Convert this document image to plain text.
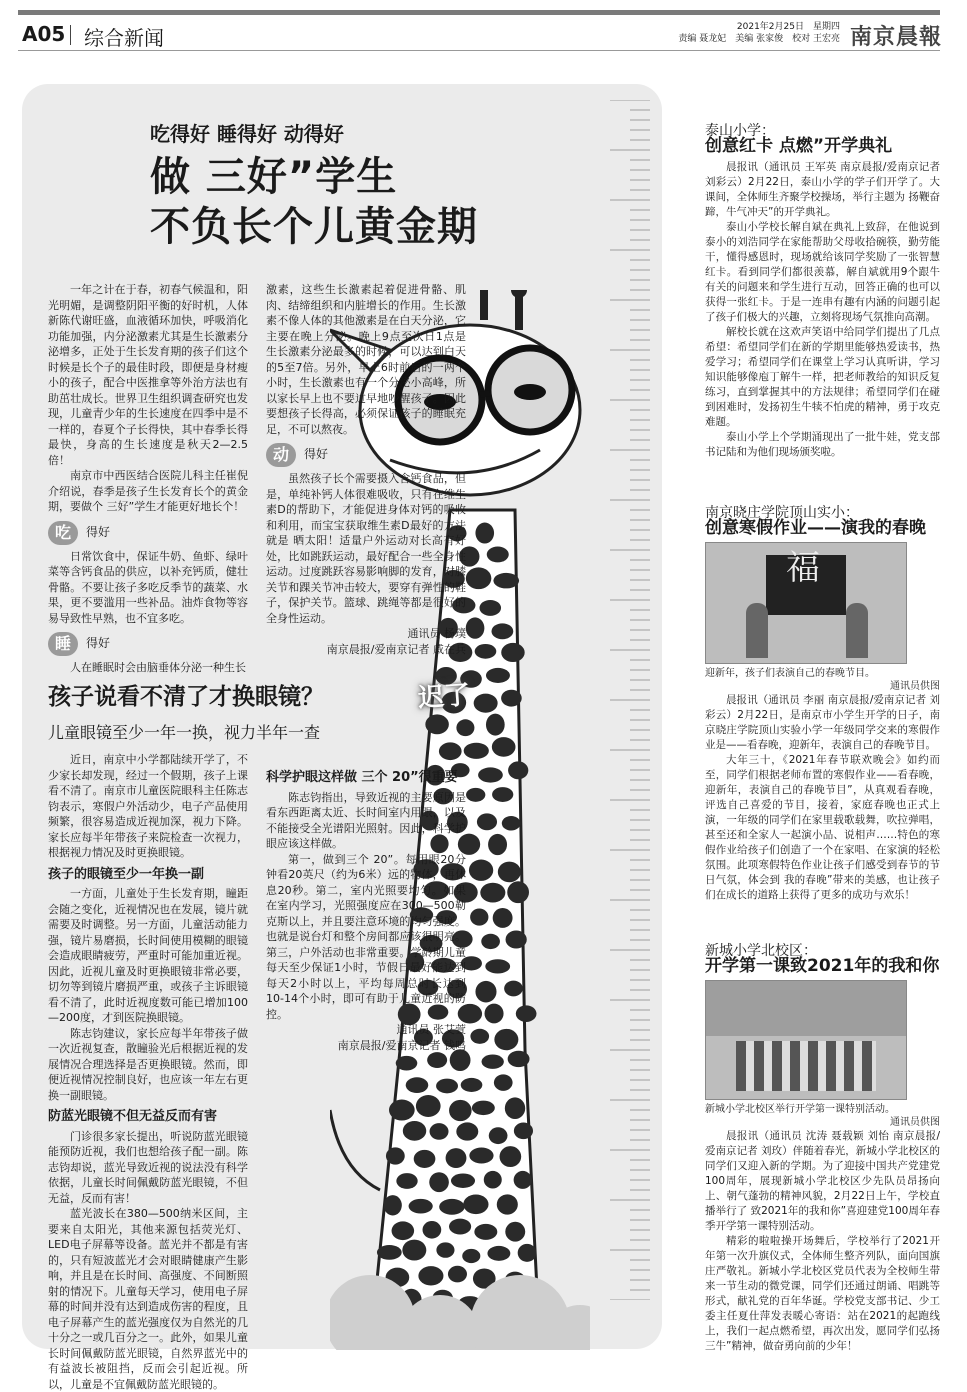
A05 综合新闻	2021年2月25日　星期四
责编 聂龙妃　美编 张家俊　校对 王宏亮 南京晨報
吃得好 睡得好 动得好
做 三好”学生
不负长个儿黄金期

一年之计在于春，初春气候温和，阳光明媚，是调整阴阳平衡的好时机，人体新陈代谢旺盛，血液循环加快，呼吸消化功能加强，内分泌激素尤其是生长激素分泌增多，正处于生长发育期的孩子们这个时候是长个子的最佳时段，即便是身材瘦小的孩子，配合中医推拿等外治方法也有助茁壮成长。世界卫生组织调查研究也发现，儿童青少年的生长速度在四季中是不一样的，春夏个子长得快，其中春季长得最快，身高的生长速度是秋天2—2.5倍！

南京市中西医结合医院儿科主任崔倪介绍说，春季是孩子生长发育长个的黄金期，要做个 三好”学生才能更好地长个！

吃	得好

日常饮食中，保证牛奶、鱼虾、绿叶菜等含钙食品的供应，以补充钙质，健壮骨骼。不要让孩子多吃反季节的蔬菜、水果，更不要滥用一些补品。油炸食物等容易导致性早熟，也不宜多吃。

睡	得好

人在睡眠时会由脑垂体分泌一种生长

激素，这些生长激素起着促进骨骼、肌肉、结缔组织和内脏增长的作用。生长激素不像人体的其他激素是在白天分泌，它主要在晚上分泌。晚上9点至次日1点是生长激素分泌最多的时候，可以达到白天的5至7倍。另外，早上6时前后的一两个小时，生长激素也有一个分泌小高峰，所以家长早上也不要过早地吵醒孩子。因此要想孩子长得高，必须保证孩子的睡眠充足，不可以熬夜。

动	得好

虽然孩子长个需要摄入含钙食品，但是，单纯补钙人体很难吸收，只有在维生素D的帮助下，才能促进身体对钙的吸收和利用，而宝宝获取维生素D最好的方法就是 晒太阳！适量户外运动对长高有好处，比如跳跃运动，最好配合一些全身性运动。过度跳跃容易影响脚的发育，对膝关节和踝关节冲击较大，要穿有弹性的鞋子，保护关节。篮球、跳绳等都是很好的全身性运动。

通讯员 杨璞
南京晨报/爱南京记者 戚在兵
孩子说看不清了才换眼镜？	迟了
儿童眼镜至少一年一换，视力半年一查

近日，南京中小学都陆续开学了，不少家长却发现，经过一个假期，孩子上课看不清了。南京市儿童医院眼科主任陈志钧表示，寒假户外活动少，电子产品使用频繁，很容易造成近视加深，视力下降。家长应每半年带孩子来院检查一次视力，根据视力情况及时更换眼镜。

孩子的眼镜至少一年换一副

一方面，儿童处于生长发育期，瞳距会随之变化，近视情况也在发展，镜片就需要及时调整。另一方面，儿童活动能力强，镜片易磨损，长时间使用模糊的眼镜会造成眼睛疲劳，严重时可能加重近视。因此，近视儿童及时更换眼镜非常必要，切勿等到镜片磨损严重，或孩子主诉眼镜看不清了，此时近视度数可能已增加100—200度，才到医院换眼镜。

陈志钧建议，家长应每半年带孩子做一次近视复查，散瞳验光后根据近视的发展情况合理选择是否更换眼镜。然而，即便近视情况控制良好，也应该一年左右更换一副眼镜。

防蓝光眼镜不但无益反而有害

门诊很多家长提出，听说防蓝光眼镜能预防近视，我们也想给孩子配一副。陈志钧却说，蓝光导致近视的说法没有科学依据，儿童长时间佩戴防蓝光眼镜，不但无益，反而有害！

蓝光波长在380—500纳米区间，主要来自太阳光，其他来源包括荧光灯、LED电子屏幕等设备。蓝光并不都是有害的，只有短波蓝光才会对眼睛健康产生影响，并且是在长时间、高强度、不间断照射的情况下。儿童每天学习，使用电子屏幕的时间并没有达到造成伤害的程度，且电子屏幕产生的蓝光强度仅为自然光的几十分之一或几百分之一。此外，如果儿童长时间佩戴防蓝光眼镜，自然界蓝光中的有益波长被阻挡，反而会引起近视。所以，儿童是不宜佩戴防蓝光眼镜的。

科学护眼这样做 三个 20”很重要

陈志钧指出，导致近视的主要原因是看东西距离太近、长时间室内用眼，以及不能接受全光谱阳光照射。因此，科学护眼应该这样做。

第一，做到三个 20”。每用眼20分钟看20英尺（约为6米）远的物体，再休息20秒。第二，室内光照要均匀。如果在室内学习，光照强度应在300—500勒克斯以上，并且要注意环境的均匀强度。也就是说台灯和整个房间都应该很明亮。第三，户外活动也非常重要。学龄期儿童每天至少保证1小时，节假日最好能达到每天2小时以上，平均每周总时长达到10-14个小时，即可有助于儿童近视的防控。

通讯员 张艾萱
南京晨报/爱南京记者 钱鸣
泰山小学：
创意红卡 点燃”开学典礼

晨报讯（通讯员 王军英 南京晨报/爱南京记者 刘彩云）2月22日，泰山小学的学子们开学了。大课间，全体师生齐聚学校操场，举行主题为 扬鞭奋蹄，牛气冲天”的开学典礼。

泰山小学校长解自斌在典礼上致辞，在他说到泰小的刘浩同学在家能帮助父母收拾碗筷，勤劳能干，懂得感恩时，现场就给该同学奖励了一张智慧红卡。看到同学们都很羡慕，解自斌就用9个跟牛有关的问题来和学生进行互动，回答正确的也可以获得一张红卡。于是一连串有趣有内涵的问题引起了孩子们极大的兴趣，立刻将现场气氛推向高潮。

解校长就在这欢声笑语中给同学们提出了几点希望：希望同学们在新的学期里能够热爱读书，热爱学习；希望同学们在课堂上学习认真听讲，学习知识能够像庖丁解牛一样，把老师教给的知识反复练习，直到掌握其中的方法规律；希望同学们在碰到困难时，发扬初生牛犊不怕虎的精神，勇于攻克难题。

泰山小学上个学期涌现出了一批牛娃，党支部书记陆和为他们现场颁奖啦。

南京晓庄学院顶山实小：
创意寒假作业——演我的春晚
福
迎新年，孩子们表演自己的春晚节目。
通讯员供图

晨报讯（通讯员 李丽 南京晨报/爱南京记者 刘彩云）2月22日，是南京市小学生开学的日子，南京晓庄学院顶山实验小学一年级同学交来的寒假作业是——看春晚，迎新年，表演自己的春晚节目。

大年三十，《2021年春节联欢晚会》如约而至，同学们根据老师布置的寒假作业——看春晚，迎新年，表演自己的春晚节目”，从真观看春晚，评选自己喜爱的节目，接着，家庭春晚也正式上演，一年级的同学们在家里载歌载舞，吹拉弹唱，甚至还和全家人一起演小品、说相声……特色的寒假作业给孩子们创造了一个在家唱、在家演的轻松氛围。此项寒假特色作业让孩子们感受到春节的节日气氛，体会到 我的春晚”带来的美感，也让孩子们在成长的道路上获得了更多的成功与欢乐！

新城小学北校区：
开学第一课致2021年的我和你
新城小学北校区举行开学第一课特别活动。
通讯员供图

晨报讯（通讯员 沈涛 聂载颖 刘怡 南京晨报/爱南京记者 刘玫）伴随着春光，新城小学北校区的同学们又迎入新的学期。为了迎接中国共产党建党100周年，展现新城小学北校区少先队员昂扬向上、朝气蓬勃的精神风貌，2月22日上午，学校直播举行了 致2021年的我和你”喜迎建党100周年春季开学第一课特别活动。

精彩的啦啦操开场舞后，学校举行了2021开年第一次升旗仪式，全体师生整齐列队，面向国旗庄严敬礼。新城小学北校区党员代表为全校师生带来一节生动的微党课，同学们还通过朗诵、唱跳等形式，献礼党的百年华诞。学校党支部书记、少工委主任夏仕萍发表暖心寄语：站在2021的起跑线上，我们一起点燃希望，再次出发，愿同学们弘扬 三牛”精神，做奋勇向前的少年！
